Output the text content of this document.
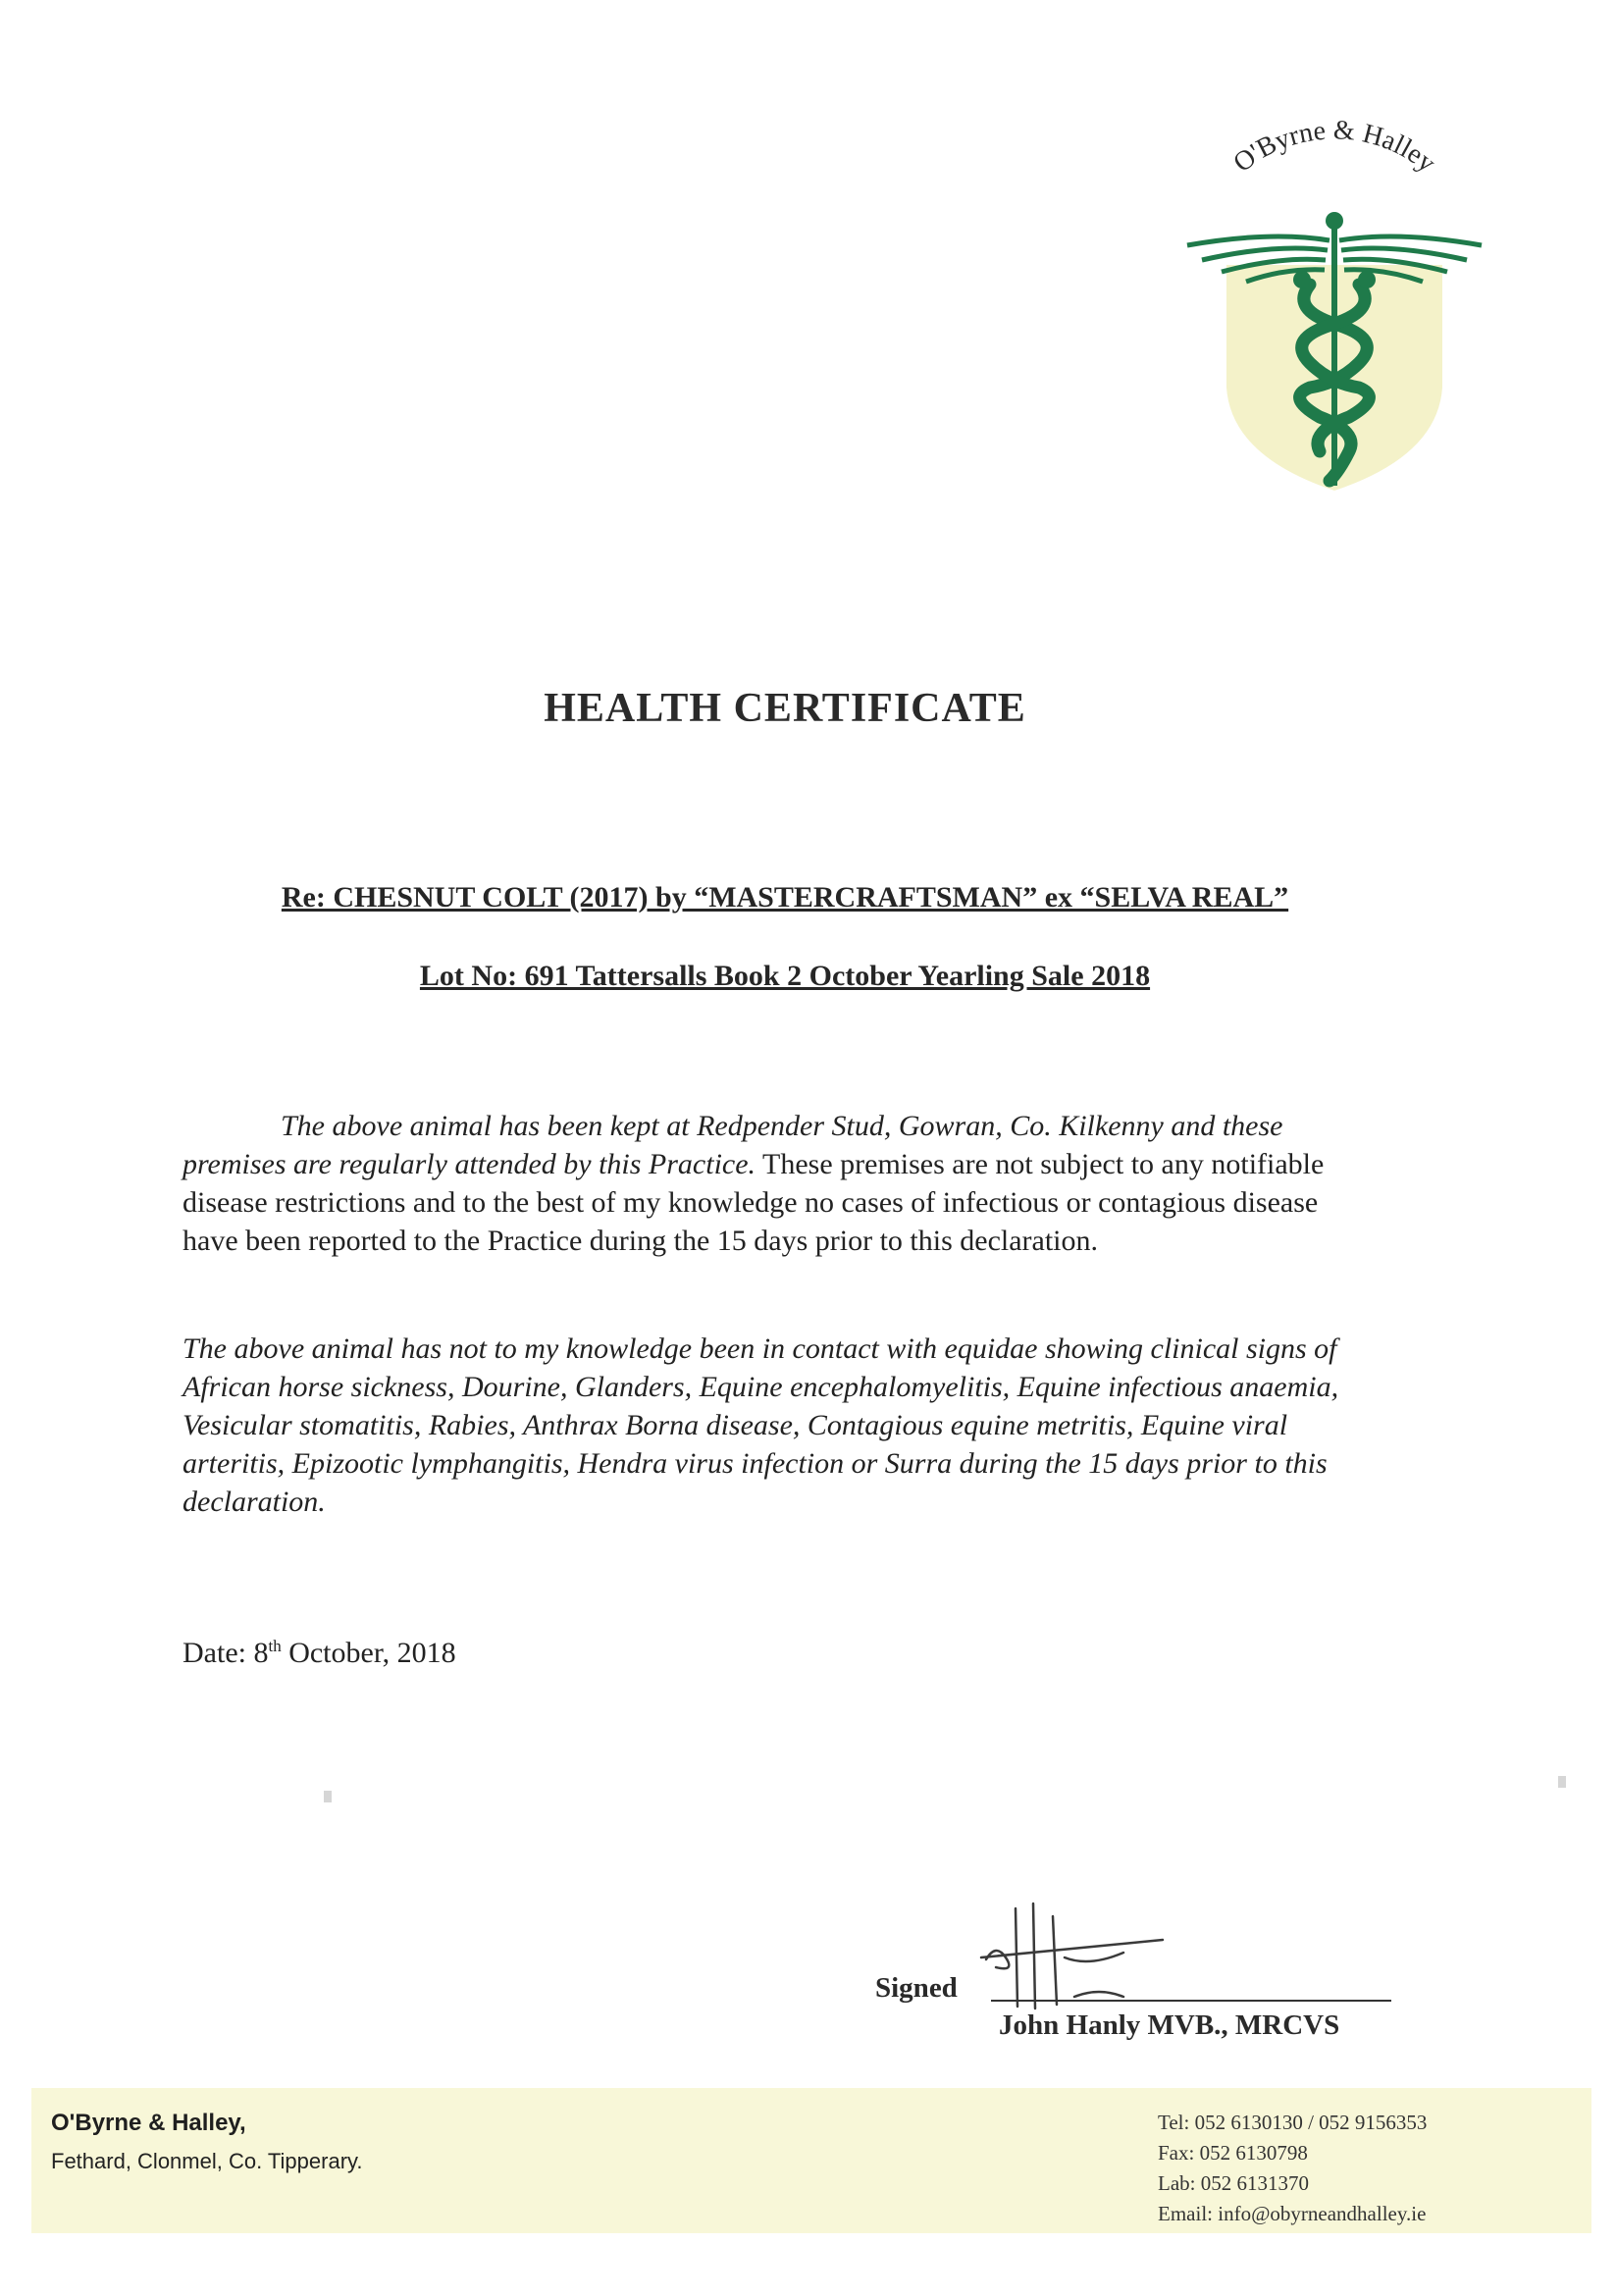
O'Byrne & Halley
HEALTH CERTIFICATE
Re: CHESNUT COLT (2017) by “MASTERCRAFTSMAN” ex “SELVA REAL”
Lot No: 691 Tattersalls Book 2 October Yearling Sale 2018
The above animal has been kept at Redpender Stud, Gowran, Co. Kilkenny and these premises are regularly attended by this Practice. These premises are not subject to any notifiable disease restrictions and to the best of my knowledge no cases of infectious or contagious disease have been reported to the Practice during the 15 days prior to this declaration.
The above animal has not to my knowledge been in contact with equidae showing clinical signs of African horse sickness, Dourine, Glanders, Equine encephalomyelitis, Equine infectious anaemia, Vesicular stomatitis, Rabies, Anthrax Borna disease, Contagious equine metritis, Equine viral arteritis, Epizootic lymphangitis, Hendra virus infection or Surra during the 15 days prior to this declaration.
Date: 8th October, 2018
Signed
John Hanly MVB., MRCVS
O'Byrne & Halley,
Fethard, Clonmel, Co. Tipperary.
Tel: 052 6130130 / 052 9156353
Fax: 052 6130798
Lab: 052 6131370
Email: info@obyrneandhalley.ie
